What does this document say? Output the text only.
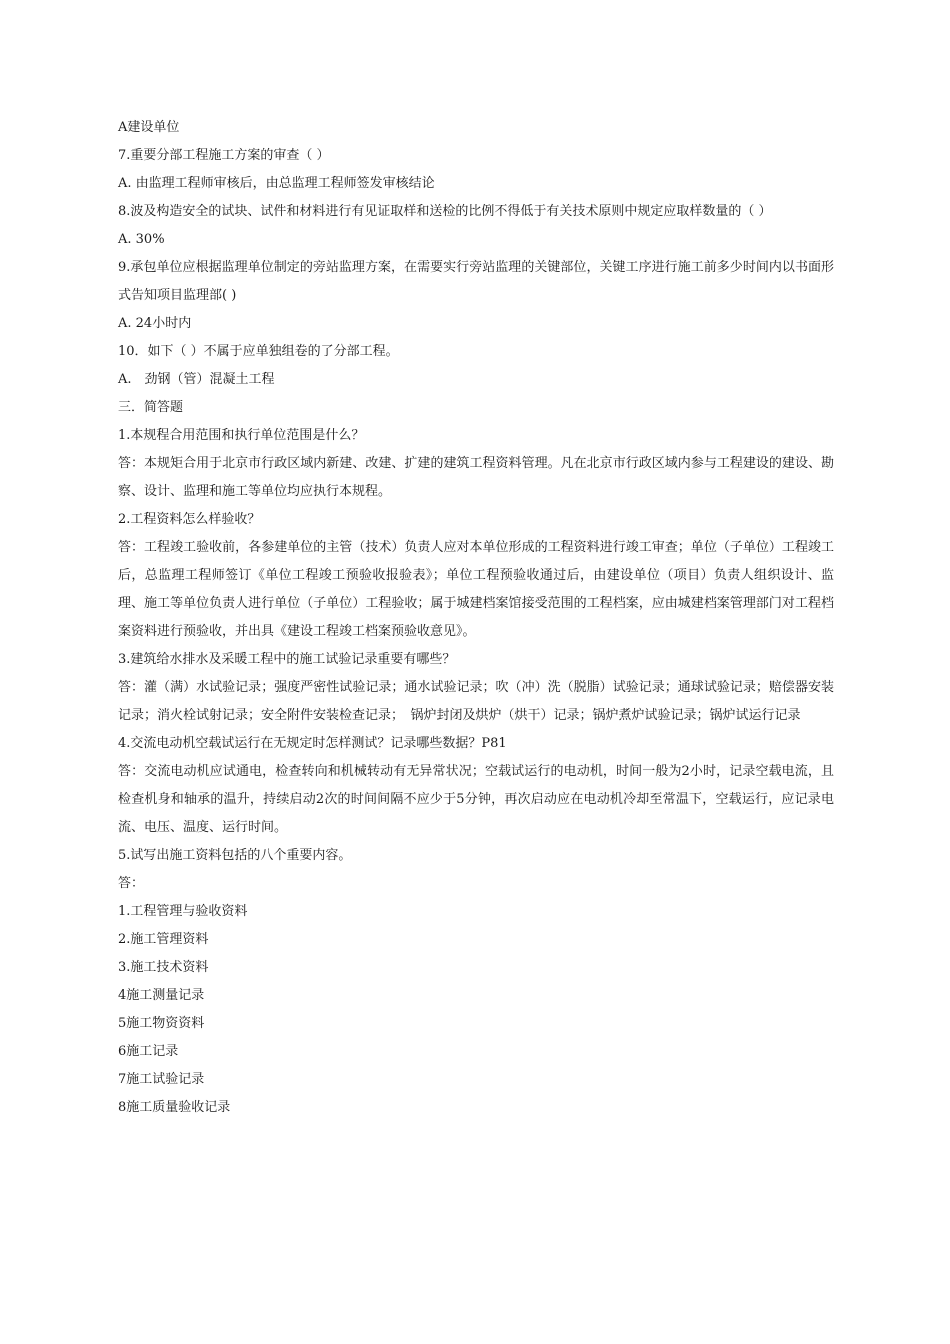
A建设单位

7.重要分部工程施工方案的审查（ ）

A. 由监理工程师审核后，由总监理工程师签发审核结论

8.波及构造安全的试块、试件和材料进行有见证取样和送检的比例不得低于有关技术原则中规定应取样数量的（ ）

A. 30%

9.承包单位应根据监理单位制定的旁站监理方案，在需要实行旁站监理的关键部位，关键工序进行施工前多少时间内以书面形式告知项目监理部( )

A. 24小时内

10．如下（ ）不属于应单独组卷的了分部工程。

A.　劲钢（管）混凝土工程

三．简答题

1.本规程合用范围和执行单位范围是什么？

答：本规矩合用于北京市行政区域内新建、改建、扩建的建筑工程资料管理。凡在北京市行政区域内参与工程建设的建设、勘察、设计、监理和施工等单位均应执行本规程。

2.工程资料怎么样验收？

答：工程竣工验收前，各参建单位的主管（技术）负责人应对本单位形成的工程资料进行竣工审查；单位（子单位）工程竣工后，总监理工程师签订《单位工程竣工预验收报验表》；单位工程预验收通过后，由建设单位（项目）负责人组织设计、监理、施工等单位负责人进行单位（子单位）工程验收；属于城建档案馆接受范围的工程档案，应由城建档案管理部门对工程档案资料进行预验收，并出具《建设工程竣工档案预验收意见》。

3.建筑给水排水及采暖工程中的施工试验记录重要有哪些？

答：灌（满）水试验记录；强度严密性试验记录；通水试验记录；吹（冲）洗（脱脂）试验记录；通球试验记录；赔偿器安装记录；消火栓试射记录；安全附件安装检查记录；　锅炉封闭及烘炉（烘干）记录；锅炉煮炉试验记录；锅炉试运行记录

4.交流电动机空载试运行在无规定时怎样测试？记录哪些数据？P81

答：交流电动机应试通电，检查转向和机械转动有无异常状况；空载试运行的电动机，时间一般为2小时，记录空载电流，且检查机身和轴承的温升，持续启动2次的时间间隔不应少于5分钟，再次启动应在电动机冷却至常温下，空载运行，应记录电流、电压、温度、运行时间。

5.试写出施工资料包括的八个重要内容。

答：

1.工程管理与验收资料

2.施工管理资料

3.施工技术资料

4施工测量记录

5施工物资资料

6施工记录

7施工试验记录

8施工质量验收记录
